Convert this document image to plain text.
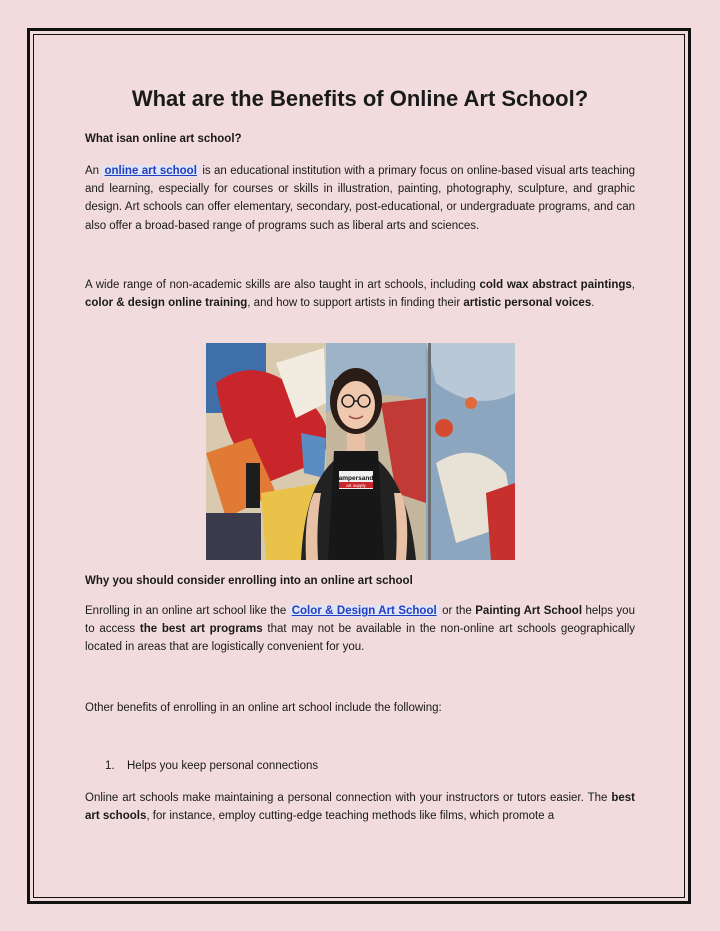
What are the Benefits of Online Art School?

What isan online art school?

An online art school is an educational institution with a primary focus on online-based visual arts teaching and learning, especially for courses or skills in illustration, painting, photography, sculpture, and graphic design. Art schools can offer elementary, secondary, post-educational, or undergraduate programs, and can also offer a broad-based range of programs such as liberal arts and sciences.

A wide range of non-academic skills are also taught in art schools, including cold wax abstract paintings, color & design online training, and how to support artists in finding their artistic personal voices.

Why you should consider enrolling into an online art school

Enrolling in an online art school like the Color & Design Art School or the Painting Art School helps you to access the best art programs that may not be available in the non-online art schools geographically located in areas that are logistically convenient for you.

Other benefits of enrolling in an online art school include the following:

1. Helps you keep personal connections

Online art schools make maintaining a personal connection with your instructors or tutors easier. The best art schools, for instance, employ cutting-edge teaching methods like films, which promote a

ampersand
art supply
